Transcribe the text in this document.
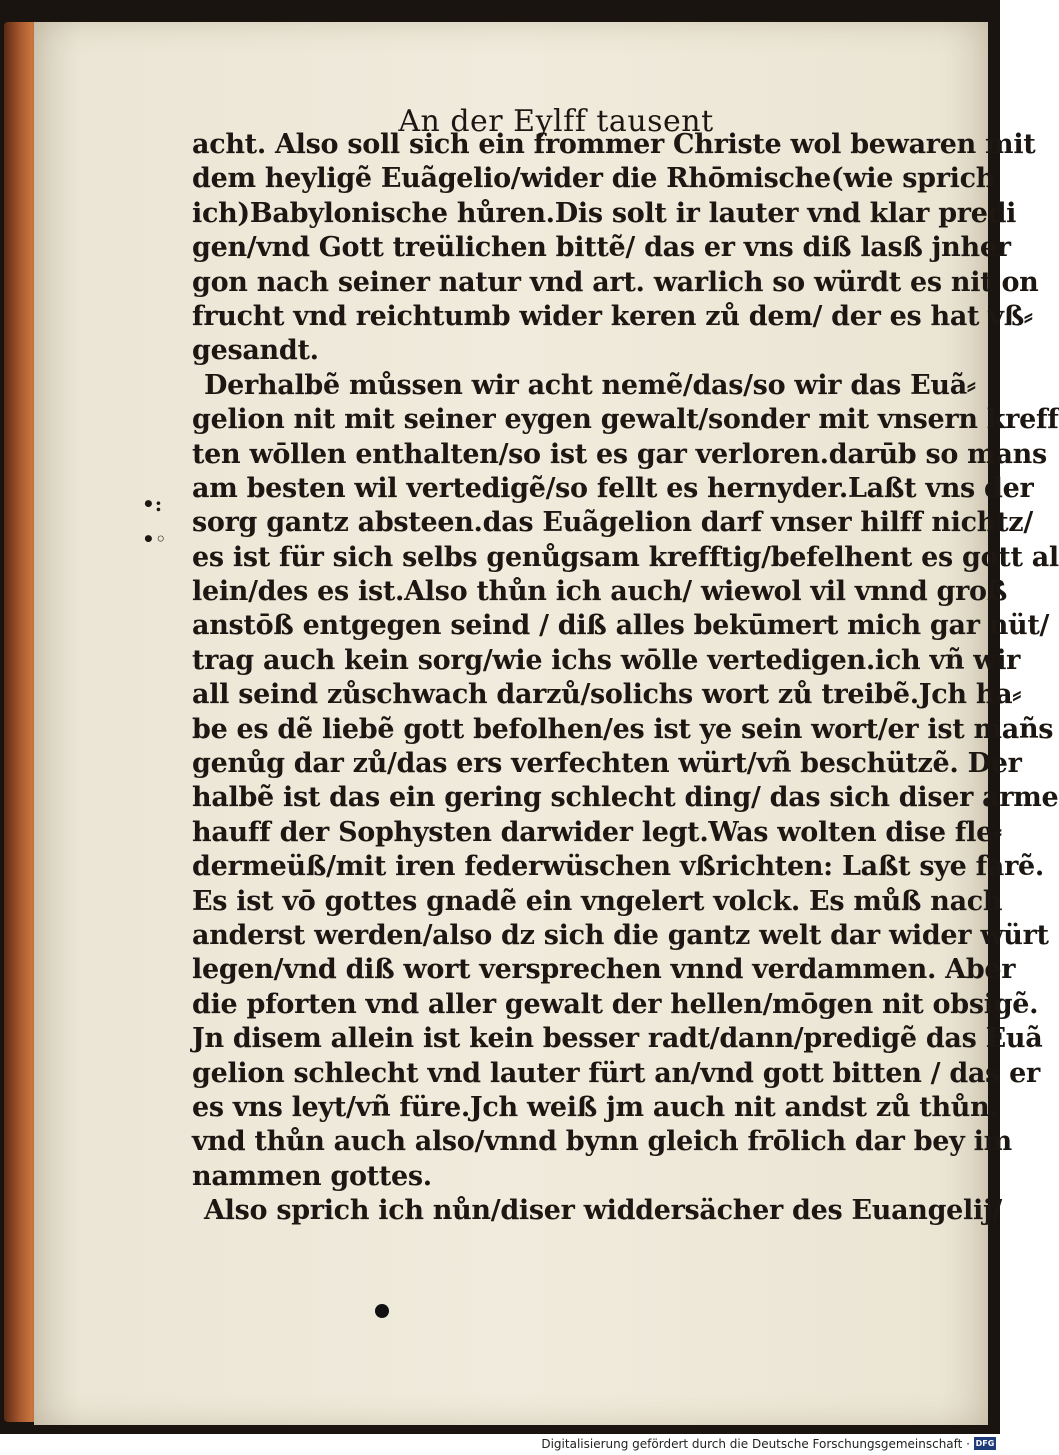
An der Eylff tausent
•:
•◦
acht. Also soll sich ein frommer Christe wol bewaren mit
dem heyligẽ Euãgelio/wider die Rhōmische(wie sprich
ich)Babylonische hůren.Dis solt ir lauter vnd klar predi
gen/vnd Gott treülichen bittẽ/ das er vns diß lasß jnher
gon nach seiner natur vnd art. warlich so würdt es nit on
frucht vnd reichtumb wider keren zů dem/ der es hat vß⸗
gesandt.
Derhalbẽ můssen wir acht nemẽ/das/so wir das Euã⸗
gelion nit mit seiner eygen gewalt/sonder mit vnsern kreff
ten wōllen enthalten/so ist es gar verloren.darūb so mans
am besten wil vertedigẽ/so fellt es hernyder.Laßt vns der
sorg gantz absteen.das Euãgelion darf vnser hilff nichtz/
es ist für sich selbs genůgsam krefftig/befelhent es gott al
lein/des es ist.Also thůn ich auch/ wiewol vil vnnd groß
anstōß entgegen seind / diß alles bekūmert mich gar nüt/
trag auch kein sorg/wie ichs wōlle vertedigen.ich vñ wir
all seind zůschwach darzů/solichs wort zů treibẽ.Jch ha⸗
be es dẽ liebẽ gott befolhen/es ist ye sein wort/er ist mañs
genůg dar zů/das ers verfechten würt/vñ beschützẽ. Der
halbẽ ist das ein gering schlecht ding/ das sich diser arme
hauff der Sophysten darwider legt.Was wolten dise fle⸗
dermeüß/mit iren federwüschen vßrichten: Laßt sye farẽ.
Es ist vō gottes gnadẽ ein vngelert volck. Es můß nach
anderst werden/also dz sich die gantz welt dar wider würt
legen/vnd diß wort versprechen vnnd verdammen. Aber
die pforten vnd aller gewalt der hellen/mōgen nit obsigẽ.
Jn disem allein ist kein besser radt/dann/predigẽ das Euã
gelion schlecht vnd lauter fürt an/vnd gott bitten / das er
es vns leyt/vñ füre.Jch weiß jm auch nit andst zů thůn.
vnd thůn auch also/vnnd bynn gleich frōlich dar bey im
nammen gottes.
Also sprich ich nůn/diser widdersächer des Euangelij/
Digitalisierung gefördert durch die Deutsche Forschungsgemeinschaft · DFG
